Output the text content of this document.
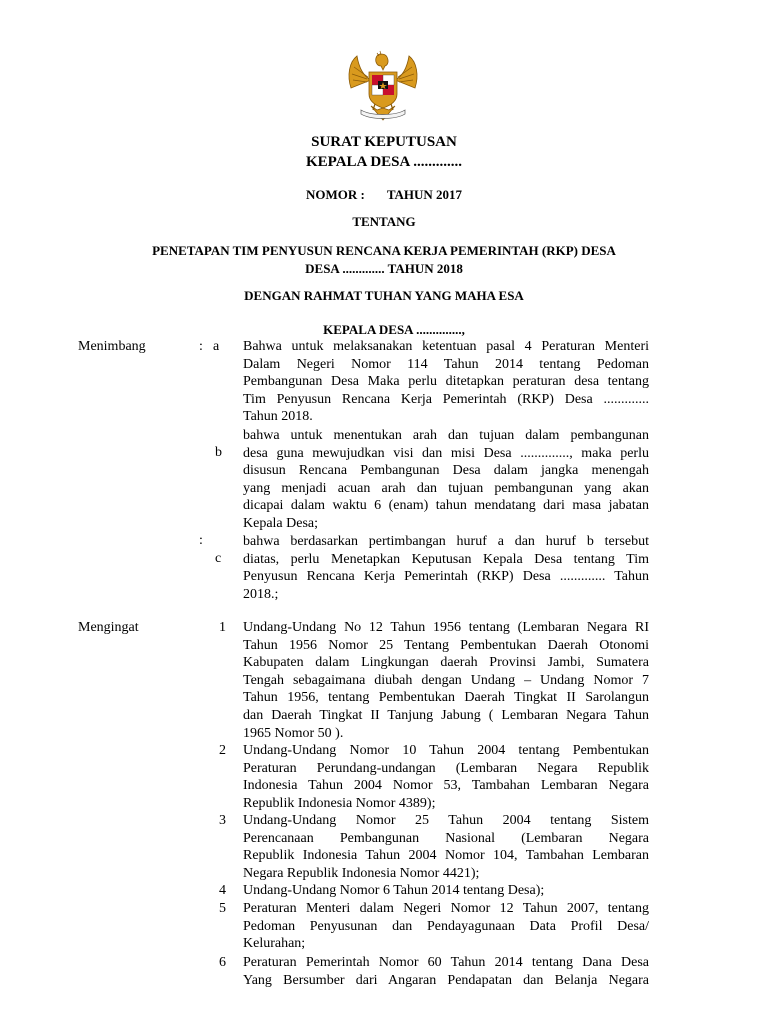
SURAT KEPUTUSAN
KEPALA DESA .............
NOMOR : TAHUN 2017
TENTANG
PENETAPAN TIM PENYUSUN RENCANA KERJA PEMERINTAH (RKP) DESA
DESA ............. TAHUN 2018
DENGAN RAHMAT TUHAN YANG MAHA ESA
KEPALA DESA ..............,
Menimbang	: a Bahwa untuk melaksanakan ketentuan pasal 4 Peraturan Menteri
Dalam Negeri Nomor 114 Tahun 2014 tentang Pedoman
Pembangunan Desa Maka perlu ditetapkan peraturan desa tentang
Tim Penyusun Rencana Kerja Pemerintah (RKP) Desa .............
Tahun 2018.
b
bahwa untuk menentukan arah dan tujuan dalam pembangunan
desa guna mewujudkan visi dan misi Desa .............., maka perlu
disusun Rencana Pembangunan Desa dalam jangka menengah
yang menjadi acuan arah dan tujuan pembangunan yang akan
dicapai dalam waktu 6 (enam) tahun mendatang dari masa jabatan
Kepala Desa;
:
c
bahwa berdasarkan pertimbangan huruf a dan huruf b tersebut
diatas, perlu Menetapkan Keputusan Kepala Desa tentang Tim
Penyusun Rencana Kerja Pemerintah (RKP) Desa ............. Tahun
2018.;
Mengingat	1 Undang-Undang No 12 Tahun 1956 tentang (Lembaran Negara RI
Tahun 1956 Nomor 25 Tentang Pembentukan Daerah Otonomi
Kabupaten dalam Lingkungan daerah Provinsi Jambi, Sumatera
Tengah sebagaimana diubah dengan Undang – Undang Nomor 7
Tahun 1956, tentang Pembentukan Daerah Tingkat II Sarolangun
dan Daerah Tingkat II Tanjung Jabung ( Lembaran Negara Tahun
1965 Nomor 50 ).
2 Undang-Undang Nomor 10 Tahun 2004 tentang Pembentukan
Peraturan Perundang-undangan (Lembaran Negara Republik
Indonesia Tahun 2004 Nomor 53, Tambahan Lembaran Negara
Republik Indonesia Nomor 4389);
3 Undang-Undang Nomor 25 Tahun 2004 tentang Sistem
Perencanaan Pembangunan Nasional (Lembaran Negara
Republik Indonesia Tahun 2004 Nomor 104, Tambahan Lembaran
Negara Republik Indonesia Nomor 4421);
4 Undang-Undang Nomor 6 Tahun 2014 tentang Desa);
5 Peraturan Menteri dalam Negeri Nomor 12 Tahun 2007, tentang
Pedoman Penyusunan dan Pendayagunaan Data Profil Desa/
Kelurahan;
6 Peraturan Pemerintah Nomor 60 Tahun 2014 tentang Dana Desa
Yang Bersumber dari Angaran Pendapatan dan Belanja Negara
